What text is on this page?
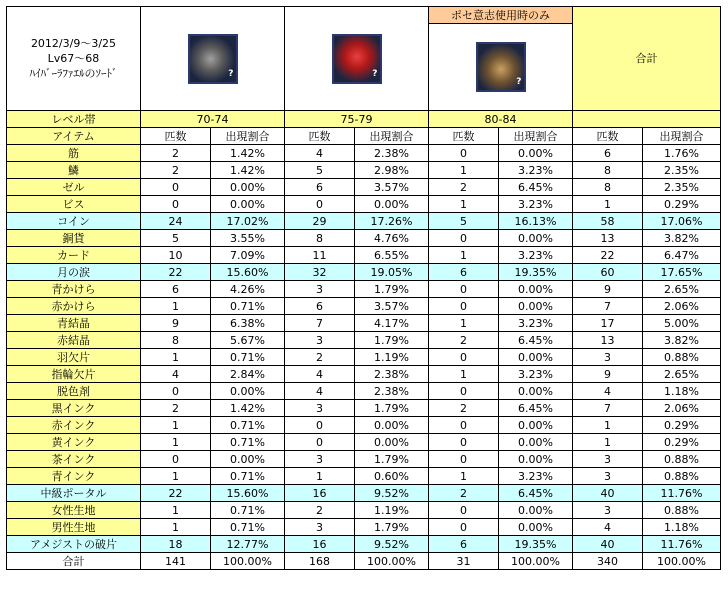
2012/3/9～3/25
Lv67～68
ﾊｲﾊﾞｰﾗﾌｧｴﾙのｿｰﾄﾞ	?		?		ポセ意志使用時のみ		合計	

					?			

レベル帯	70-74		75-79		80-84			
アイテム	匹数	出現割合	匹数	出現割合	匹数	出現割合	匹数	出現割合
筋	2	1.42%	4	2.38%	0	0.00%	6	1.76%
鱗	2	1.42%	5	2.98%	1	3.23%	8	2.35%
ゼル	0	0.00%	6	3.57%	2	6.45%	8	2.35%
ビス	0	0.00%	0	0.00%	1	3.23%	1	0.29%
コイン	24	17.02%	29	17.26%	5	16.13%	58	17.06%
銅貨	5	3.55%	8	4.76%	0	0.00%	13	3.82%
カード	10	7.09%	11	6.55%	1	3.23%	22	6.47%
月の涙	22	15.60%	32	19.05%	6	19.35%	60	17.65%
青かけら	6	4.26%	3	1.79%	0	0.00%	9	2.65%
赤かけら	1	0.71%	6	3.57%	0	0.00%	7	2.06%
青結晶	9	6.38%	7	4.17%	1	3.23%	17	5.00%
赤結晶	8	5.67%	3	1.79%	2	6.45%	13	3.82%
羽欠片	1	0.71%	2	1.19%	0	0.00%	3	0.88%
指輪欠片	4	2.84%	4	2.38%	1	3.23%	9	2.65%
脱色剤	0	0.00%	4	2.38%	0	0.00%	4	1.18%
黒インク	2	1.42%	3	1.79%	2	6.45%	7	2.06%
赤インク	1	0.71%	0	0.00%	0	0.00%	1	0.29%
黄インク	1	0.71%	0	0.00%	0	0.00%	1	0.29%
茶インク	0	0.00%	3	1.79%	0	0.00%	3	0.88%
青インク	1	0.71%	1	0.60%	1	3.23%	3	0.88%
中級ポータル	22	15.60%	16	9.52%	2	6.45%	40	11.76%
女性生地	1	0.71%	2	1.19%	0	0.00%	3	0.88%
男性生地	1	0.71%	3	1.79%	0	0.00%	4	1.18%
アメジストの破片	18	12.77%	16	9.52%	6	19.35%	40	11.76%
合計	141	100.00%	168	100.00%	31	100.00%	340	100.00%
